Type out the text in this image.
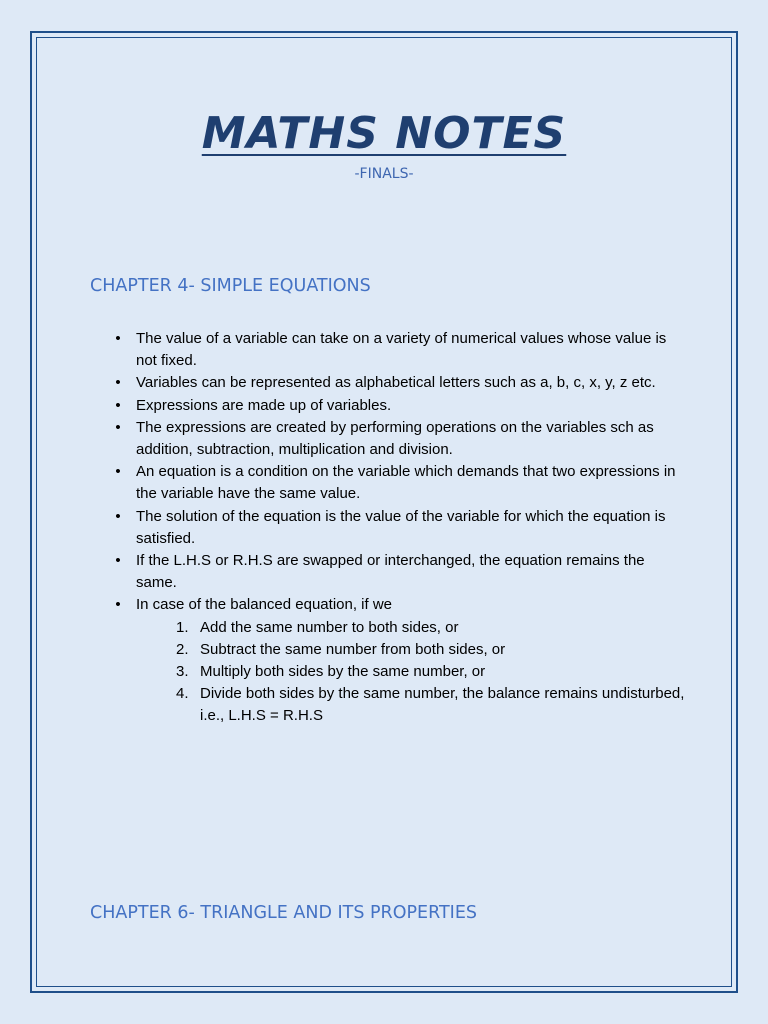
MATHS NOTES
-FINALS-
CHAPTER 4- SIMPLE EQUATIONS
• The value of a variable can take on a variety of numerical values whose value is not fixed.
• Variables can be represented as alphabetical letters such as a, b, c, x, y, z etc.
• Expressions are made up of variables.
• The expressions are created by performing operations on the variables sch as addition, subtraction, multiplication and division.
• An equation is a condition on the variable which demands that two expressions in the variable have the same value.
• The solution of the equation is the value of the variable for which the equation is satisfied.
• If the L.H.S or R.H.S are swapped or interchanged, the equation remains the same.
• In case of the balanced equation, if we
1. Add the same number to both sides, or
2. Subtract the same number from both sides, or
3. Multiply both sides by the same number, or
4. Divide both sides by the same number, the balance remains undisturbed, i.e., L.H.S = R.H.S
CHAPTER 6- TRIANGLE AND ITS PROPERTIES
